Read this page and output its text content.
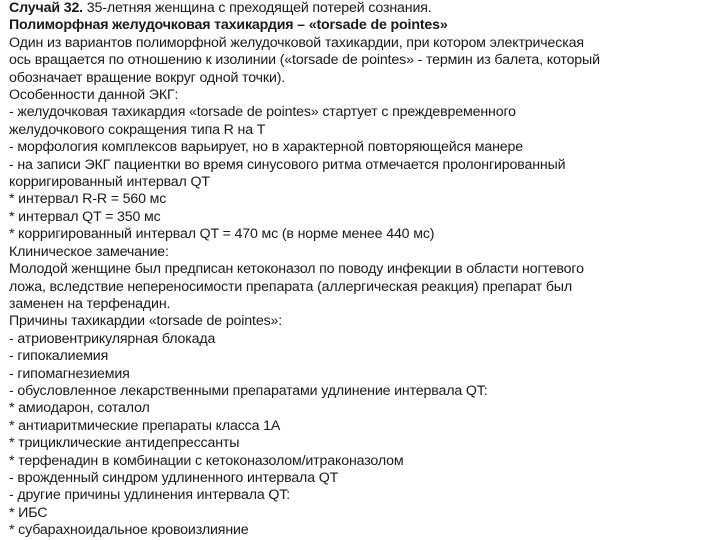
Случай 32. 35-летняя женщина с преходящей потерей сознания.
Полиморфная желудочковая тахикардия – «torsade de pointes»
Один из вариантов полиморфной желудочковой тахикардии, при котором электрическая
ось вращается по отношению к изолинии («torsade de pointes» - термин из балета, который
обозначает вращение вокруг одной точки).
Особенности данной ЭКГ:
- желудочковая тахикардия «torsade de pointes» стартует с преждевременного
желудочкового сокращения типа R на T
- морфология комплексов варьирует, но в характерной повторяющейся манере
- на записи ЭКГ пациентки во время синусового ритма отмечается пролонгированный
корригированный интервал QT
* интервал R-R = 560 мс
* интервал QT = 350 мс
* корригированный интервал QT = 470 мс (в норме менее 440 мс)
Клиническое замечание:
Молодой женщине был предписан кетоконазол по поводу инфекции в области ногтевого
ложа, вследствие непереносимости препарата (аллергическая реакция) препарат был
заменен на терфенадин.
Причины тахикардии «torsade de pointes»:
- атриовентрикулярная блокада
- гипокалиемия
- гипомагнезиемия
- обусловленное лекарственными препаратами удлинение интервала QT:
* амиодарон, соталол
* антиаритмические препараты класса 1А
* трициклические антидепрессанты
* терфенадин в комбинации с кетоконазолом/итраконазолом
- врожденный синдром удлиненного интервала QT
- другие причины удлинения интервала QT:
* ИБС
* субарахноидальное кровоизлияние
